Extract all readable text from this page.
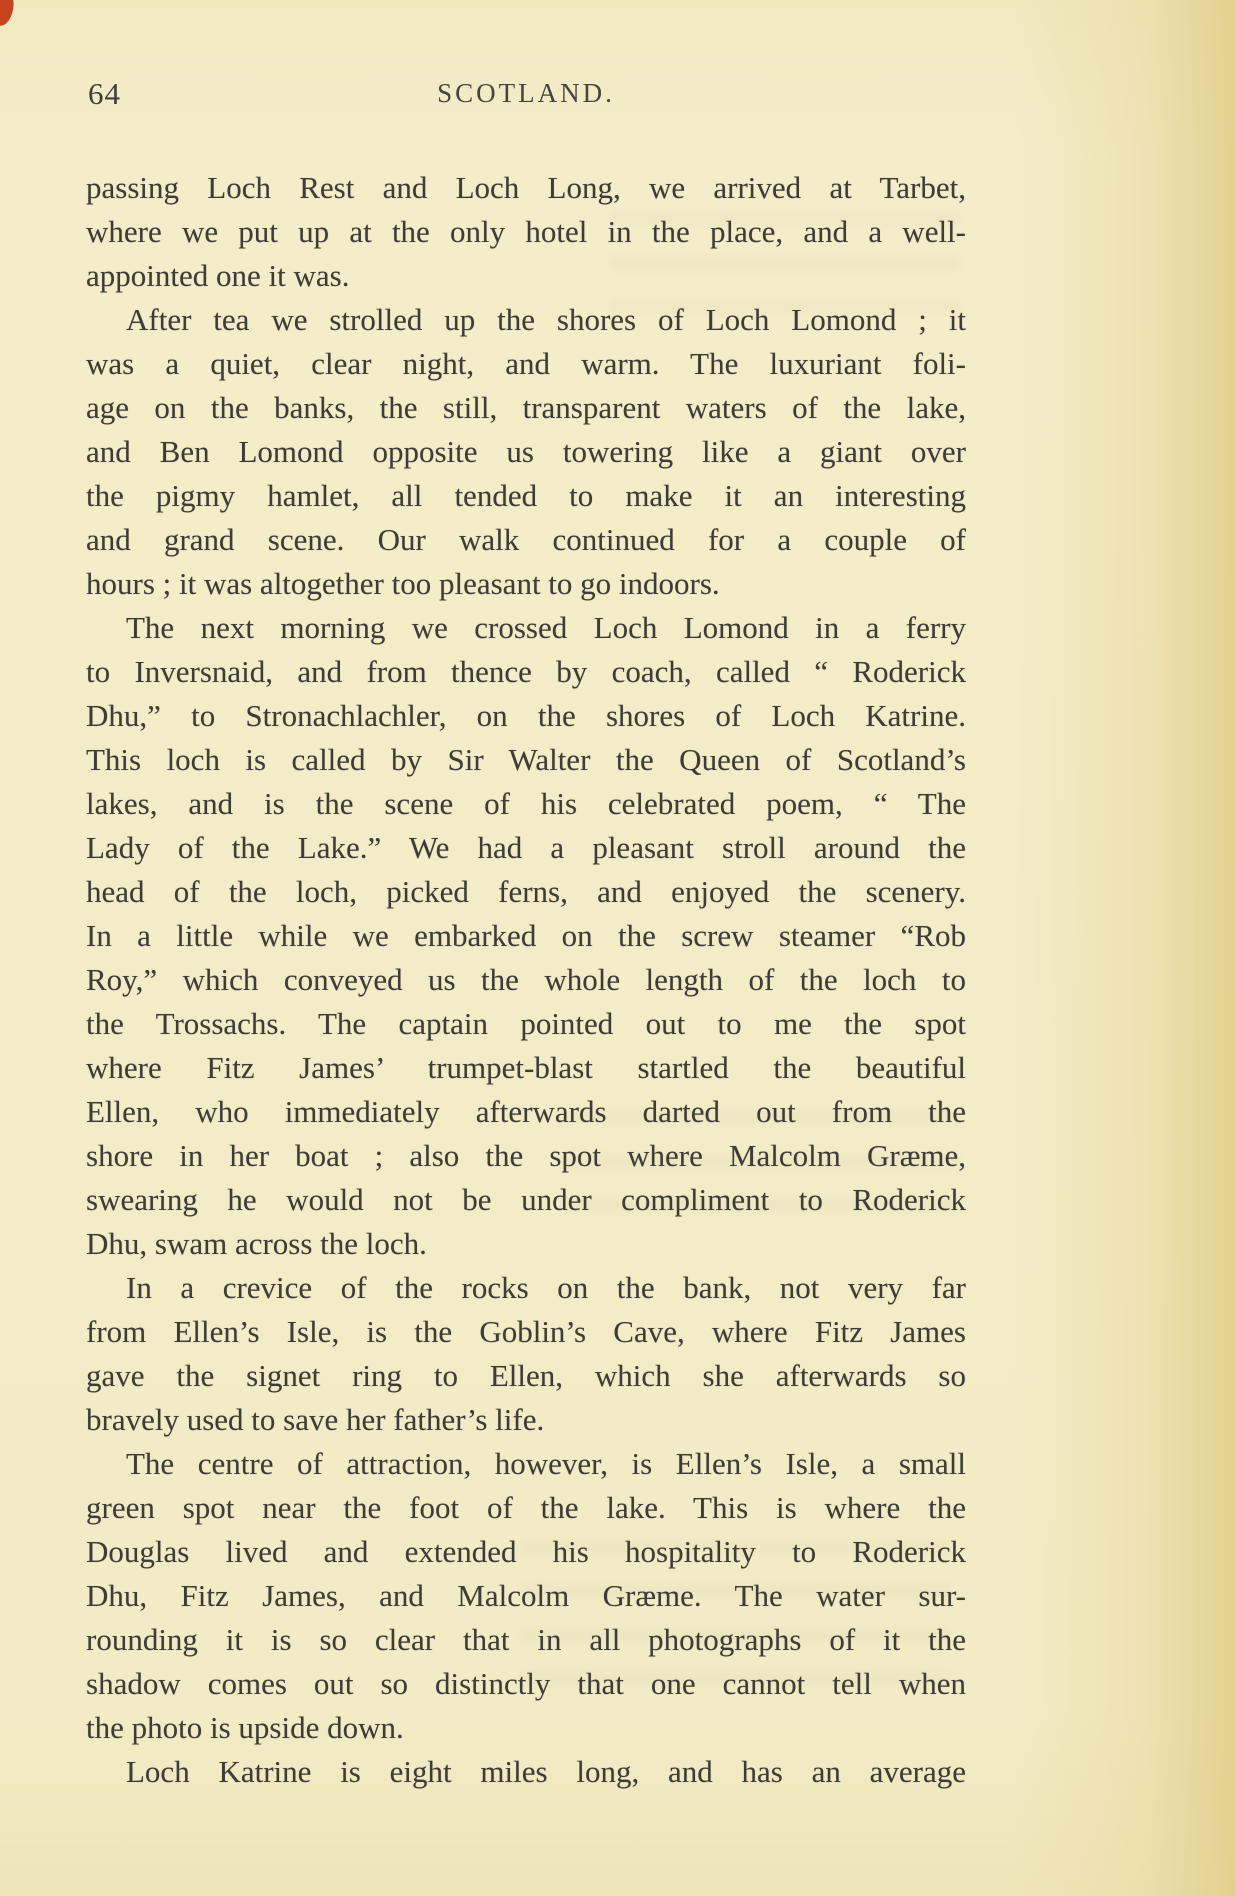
64	SCOTLAND.
passing Loch Rest and Loch Long, we arrived at Tarbet,
where we put up at the only hotel in the place, and a well-
appointed one it was.
After tea we strolled up the shores of Loch Lomond ; it
was a quiet, clear night, and warm. The luxuriant foli-
age on the banks, the still, transparent waters of the lake,
and Ben Lomond opposite us towering like a giant over
the pigmy hamlet, all tended to make it an interesting
and grand scene. Our walk continued for a couple of
hours ; it was altogether too pleasant to go indoors.
The next morning we crossed Loch Lomond in a ferry
to Inversnaid, and from thence by coach, called “ Roderick
Dhu,” to Stronachlachler, on the shores of Loch Katrine.
This loch is called by Sir Walter the Queen of Scotland’s
lakes, and is the scene of his celebrated poem, “ The
Lady of the Lake.” We had a pleasant stroll around the
head of the loch, picked ferns, and enjoyed the scenery.
In a little while we embarked on the screw steamer “Rob
Roy,” which conveyed us the whole length of the loch to
the Trossachs. The captain pointed out to me the spot
where Fitz James’ trumpet-blast startled the beautiful
Ellen, who immediately afterwards darted out from the
shore in her boat ; also the spot where Malcolm Græme,
swearing he would not be under compliment to Roderick
Dhu, swam across the loch.
In a crevice of the rocks on the bank, not very far
from Ellen’s Isle, is the Goblin’s Cave, where Fitz James
gave the signet ring to Ellen, which she afterwards so
bravely used to save her father’s life.
The centre of attraction, however, is Ellen’s Isle, a small
green spot near the foot of the lake. This is where the
Douglas lived and extended his hospitality to Roderick
Dhu, Fitz James, and Malcolm Græme. The water sur-
rounding it is so clear that in all photographs of it the
shadow comes out so distinctly that one cannot tell when
the photo is upside down.
Loch Katrine is eight miles long, and has an average
